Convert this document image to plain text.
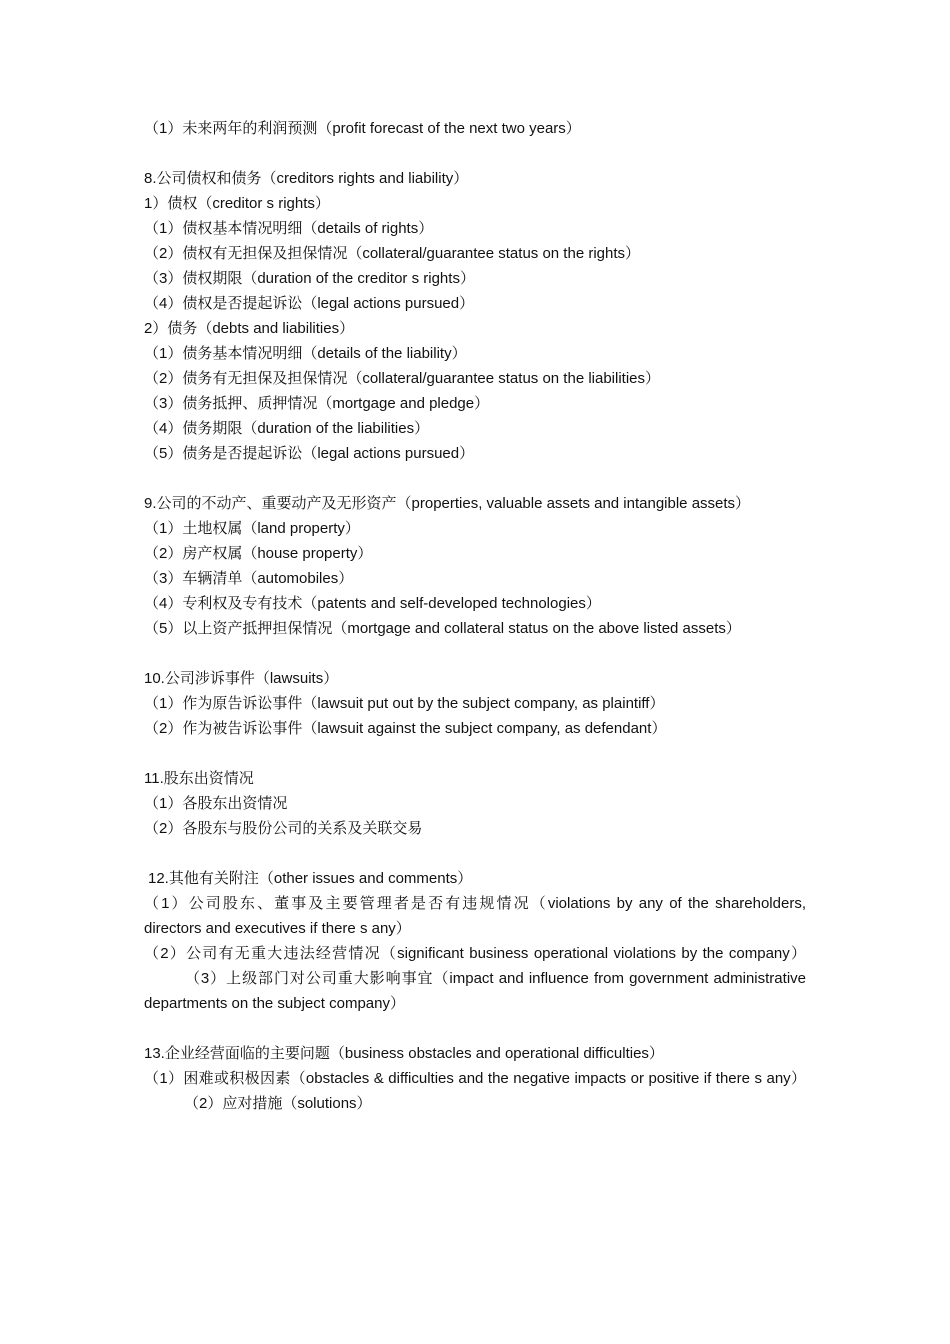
（1）未来两年的利润预测（profit forecast of the next two years）
8.公司债权和债务（creditors rights and liability）
1）债权（creditor s rights）
（1）债权基本情况明细（details of rights）
（2）债权有无担保及担保情况（collateral/guarantee status on the rights）
（3）债权期限（duration of the creditor s rights）
（4）债权是否提起诉讼（legal actions pursued）
2）债务（debts and liabilities）
（1）债务基本情况明细（details of the liability）
（2）债务有无担保及担保情况（collateral/guarantee status on the liabilities）
（3）债务抵押、质押情况（mortgage and pledge）
（4）债务期限（duration of the liabilities）
（5）债务是否提起诉讼（legal actions pursued）
9.公司的不动产、重要动产及无形资产（properties, valuable assets and intangible assets）
（1）土地权属（land property）
（2）房产权属（house property）
（3）车辆清单（automobiles）
（4）专利权及专有技术（patents and self-developed technologies）
（5）以上资产抵押担保情况（mortgage and collateral status on the above listed assets）
10.公司涉诉事件（lawsuits）
（1）作为原告诉讼事件（lawsuit put out by the subject company, as plaintiff）
（2）作为被告诉讼事件（lawsuit against the subject company, as defendant）
11.股东出资情况
（1）各股东出资情况
（2）各股东与股份公司的关系及关联交易
12.其他有关附注（other issues and comments）
（1）公司股东、董事及主要管理者是否有违规情况（violations by any of the shareholders, directors and executives if there s any）
（2）公司有无重大违法经营情况（significant business operational violations by the company）（3）上级部门对公司重大影响事宜（impact and influence from government administrative departments on the subject company）
13.企业经营面临的主要问题（business obstacles and operational difficulties）
（1）困难或积极因素（obstacles & difficulties and the negative impacts or positive if there s any）（2）应对措施（solutions）
